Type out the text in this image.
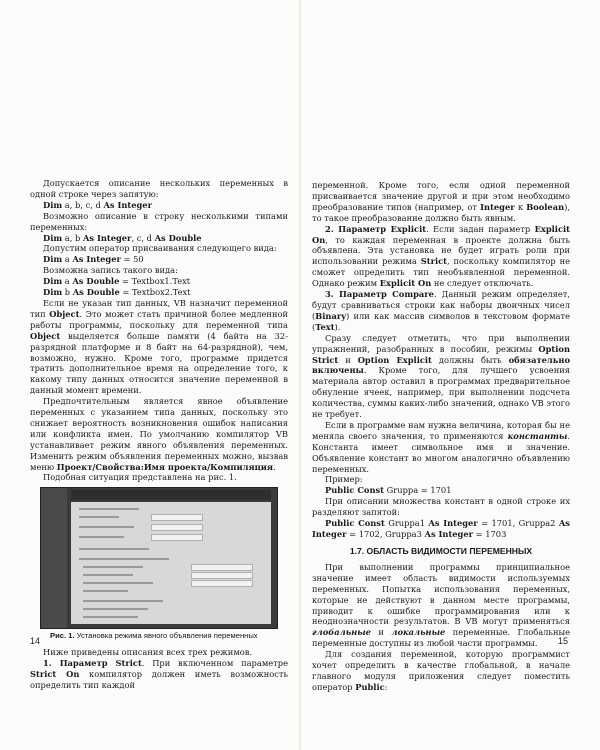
Допускается описание нескольких переменных в одной строке через запятую:

Dim a, b, c, d As Integer

Возможно описание в строку несколькими типами переменных:

Dim a, b As Integer, c, d As Double

Допустим оператор присваивания следующего вида:

Dim a As Integer = 50

Возможна запись такого вида:

Dim a As Double = Textbox1.Text

Dim b As Double = Textbox2.Text

Если не указан тип данных, VB назначит переменной тип Object. Это может стать причиной более медленной работы программы, поскольку для переменной типа Object выделяется больше памяти (4 байта на 32-разрядной платформе и 8 байт на 64-разрядной), чем, возможно, нужно. Кроме того, программе придется тратить дополнительное время на определение того, к какому типу данных относится значение переменной в данный момент времени.

Предпочтительным является явное объявление переменных с указанием типа данных, поскольку это снижает вероятность возникновения ошибок написания или конфликта имен. По умолчанию компилятор VB устанавливает режим явного объявления переменных. Изменить режим объявления переменных можно, вызвав меню Проект/Свойства:Имя проекта/Компиляция.

Подобная ситуация представлена на рис. 1.

Рис. 1. Установка режима явного объявления переменных

Ниже приведены описания всех трех режимов.

1. Параметр Strict. При включенном параметре Strict On компилятор должен иметь возможность определить тип каждой

14

переменной. Кроме того, если одной переменной присваивается значение другой и при этом необходимо преобразование типов (например, от Integer к Boolean), то такое преобразование должно быть явным.

2. Параметр Explicit. Если задан параметр Explicit On, то каждая переменная в проекте должна быть объявлена. Эта установка не будет играть роли при использовании режима Strict, поскольку компилятор не сможет определить тип необъявленной переменной. Однако режим Explicit On не следует отключать.

3. Параметр Compare. Данный режим определяет, будут сравниваться строки как наборы двоичных чисел (Binary) или как массив символов в текстовом формате (Text).

Сразу следует отметить, что при выполнении упражнений, разобранных в пособии, режимы Option Strict и Option Explicit должны быть обязательно включены. Кроме того, для лучшего усвоения материала автор оставил в программах предварительное обнуление ячеек, например, при выполнении подсчета количества, суммы каких-либо значений, однако VB этого не требует.

Если в программе нам нужна величина, которая бы не меняла своего значения, то применяются константы. Константа имеет символьное имя и значение. Объявление констант во многом аналогично объявлению переменных.

Пример:

Public Const Gruppa = 1701

При описании множества констант в одной строке их разделяют запятой:

Public Const Gruppa1 As Integer = 1701, Gruppa2 As Integer = 1702, Gruppa3 As Integer = 1703

1.7. ОБЛАСТЬ ВИДИМОСТИ ПЕРЕМЕННЫХ

При выполнении программы принципиальное значение имеет область видимости используемых переменных. Попытка использования переменных, которые не действуют в данном месте программы, приводит к ошибке программирования или к неоднозначности результатов. В VB могут применяться глобальные и локальные переменные. Глобальные переменные доступны из любой части программы.

Для создания переменной, которую программист хочет определить в качестве глобальной, в начале главного модуля приложения следует поместить оператор Public:

15
